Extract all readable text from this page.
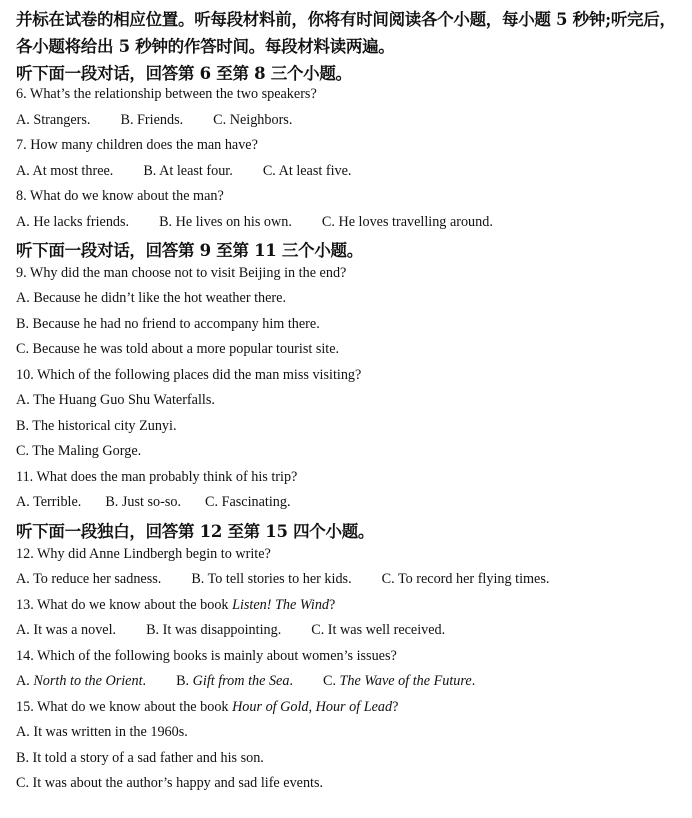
并标在试卷的相应位置。听每段材料前，你将有时间阅读各个小题，每小题 5 秒钟;听完后，
各小题将给出 5 秒钟的作答时间。每段材料读两遍。
听下面一段对话，回答第 6 至第 8 三个小题。
6. What’s the relationship between the two speakers?
A. Strangers. B. Friends. C. Neighbors.
7. How many children does the man have?
A. At most three. B. At least four. C. At least five.
8. What do we know about the man?
A. He lacks friends. B. He lives on his own. C. He loves travelling around.
听下面一段对话，回答第 9 至第 11 三个小题。
9. Why did the man choose not to visit Beijing in the end?
A. Because he didn’t like the hot weather there.
B. Because he had no friend to accompany him there.
C. Because he was told about a more popular tourist site.
10. Which of the following places did the man miss visiting?
A. The Huang Guo Shu Waterfalls.
B. The historical city Zunyi.
C. The Maling Gorge.
11. What does the man probably think of his trip?
A. Terrible. B. Just so-so. C. Fascinating.
听下面一段独白，回答第 12 至第 15 四个小题。
12. Why did Anne Lindbergh begin to write?
A. To reduce her sadness. B. To tell stories to her kids. C. To record her flying times.
13. What do we know about the book Listen! The Wind?
A. It was a novel. B. It was disappointing. C. It was well received.
14. Which of the following books is mainly about women’s issues?
A. North to the Orient. B. Gift from the Sea. C. The Wave of the Future.
15. What do we know about the book Hour of Gold, Hour of Lead?
A. It was written in the 1960s.
B. It told a story of a sad father and his son.
C. It was about the author’s happy and sad life events.
